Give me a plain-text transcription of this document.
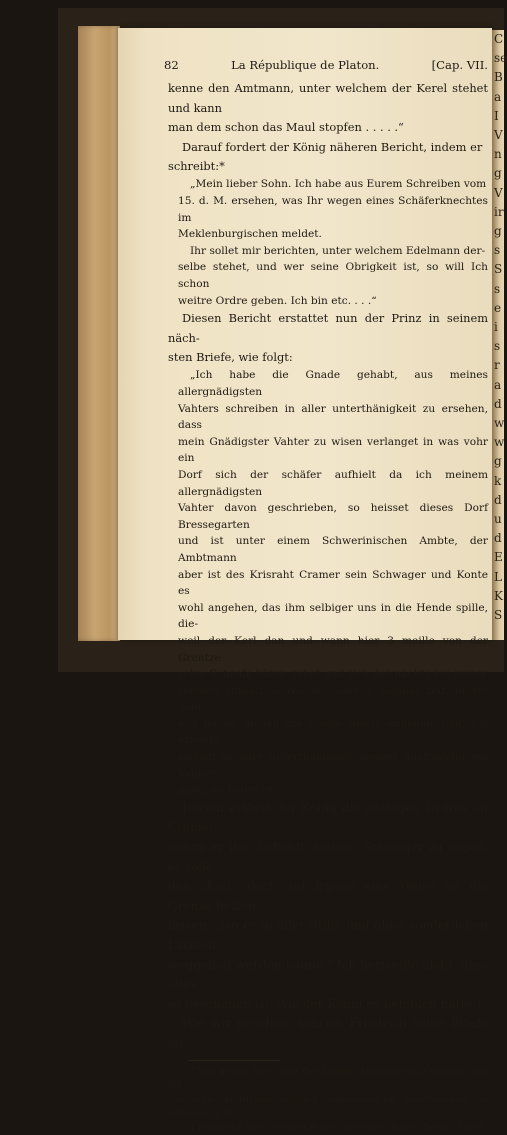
82	La République de Platon.	[Cap. VII.
kenne den Amtmann, unter welchem der Kerel stehet und kann
man dem schon das Maul stopfen . . . . .“
Darauf fordert der König näheren Bericht, indem er
schreibt:*
„Mein lieber Sohn. Ich habe aus Eurem Schreiben vom
15. d. M. ersehen, was Ihr wegen eines Schäferknechtes im
Meklenburgischen meldet.
Ihr sollet mir berichten, unter welchem Edelmann der-
selbe stehet, und wer seine Obrigkeit ist, so will Ich schon
weitre Ordre geben. Ich bin etc. . . .“
Diesen Bericht erstattet nun der Prinz in seinem näch-
sten Briefe, wie folgt:
„Ich habe die Gnade gehabt, aus meines allergnädigsten
Vahters schreiben in aller unterthänigkeit zu ersehen, dass
mein Gnädigster Vahter zu wisen verlanget in was vohr ein
Dorf sich der schäfer aufhielt da ich meinem allergnädigsten
Vahter davon geschrieben, so heisset dieses Dorf Bressegarten
und ist unter einem Schwerinischen Ambte, der Ambtmann
aber ist des Krisraht Cramer sein Schwager und Konte es
wohl angehen, das ihm selbiger uns in die Hende spille, die-
weil der Kerl dan und wann hier 3 meille von der Grentze
seine Schaafe hüten gehet und sich des nachts bei seiner
Herden aufhelt, 6 Wochen oder 2 mohnat zeit, müste man
wol haben alsdan die Sache gewis angehen Kan, ich erwarte
kierauf in aller unterthänigkeit meines allergnädigsten Vahters
gnädiste Ordre etc.“
Darauf erlässt der König die nöthigen Ordres an Cramer,
indem er ihm befiehlt, seinem Schwager zu sagen, er solle
den „Kerl“ doch auf irgend eine Weise an die Grenze locken
lassen, „wo er in aller Stille und ohne sonderlichen Lärmen
weggeholt werden könne.“ Ich bezweifle nicht, dass alles
so geschehen ist, wie der König es befohlen hatte.†
Wie wir gesehen, schrieb Friedrich seine Briefe an
* Wir geben hier, statt des kurzen Auszuges im Original, den für
Deutsche kulturgeschichtlich interessanten Briefwechsel in extenso. D. Ü.
† Friedrich des Grossen Briefe an seinen Vater. Berlin, 1838.
C
se
B
a
I
V
n
g
V
ir
g
s
S
s
e
i
s
r
a
d
w
w
g
k
d
u
d
E
L
K
S
